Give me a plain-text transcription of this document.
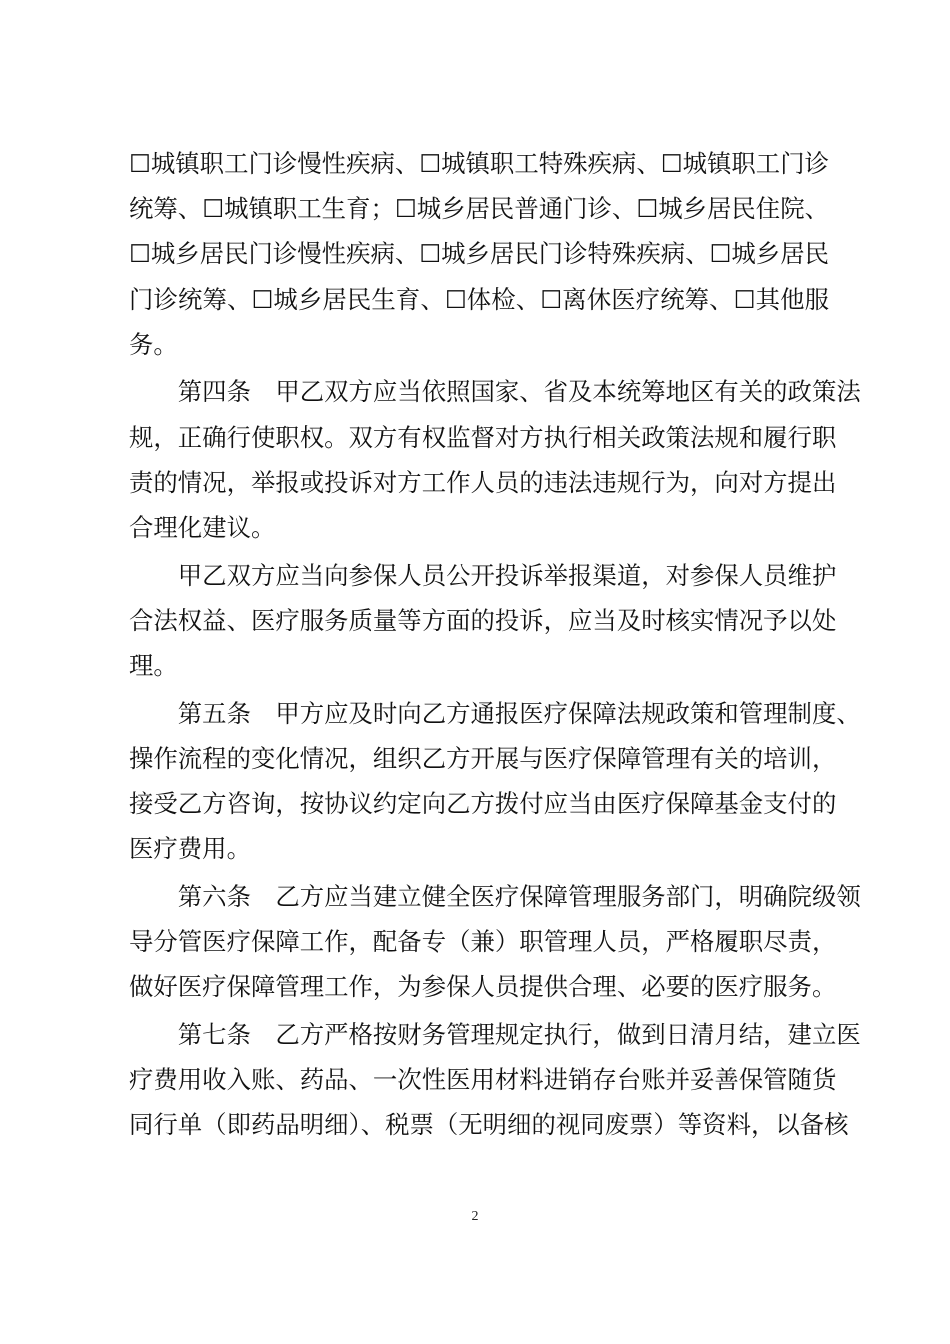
☐城镇职工门诊慢性疾病、☐城镇职工特殊疾病、☐城镇职工门诊
统筹、☐城镇职工生育；☐城乡居民普通门诊、☐城乡居民住院、
☐城乡居民门诊慢性疾病、☐城乡居民门诊特殊疾病、☐城乡居民
门诊统筹、☐城乡居民生育、☐体检、☐离休医疗统筹、☐其他服
务。
　　第四条　甲乙双方应当依照国家、省及本统筹地区有关的政策法
规，正确行使职权。双方有权监督对方执行相关政策法规和履行职
责的情况，举报或投诉对方工作人员的违法违规行为，向对方提出
合理化建议。
　　甲乙双方应当向参保人员公开投诉举报渠道，对参保人员维护
合法权益、医疗服务质量等方面的投诉，应当及时核实情况予以处
理。
　　第五条　甲方应及时向乙方通报医疗保障法规政策和管理制度、
操作流程的变化情况，组织乙方开展与医疗保障管理有关的培训，
接受乙方咨询，按协议约定向乙方拨付应当由医疗保障基金支付的
医疗费用。
　　第六条　乙方应当建立健全医疗保障管理服务部门，明确院级领
导分管医疗保障工作，配备专（兼）职管理人员，严格履职尽责，
做好医疗保障管理工作，为参保人员提供合理、必要的医疗服务。
　　第七条　乙方严格按财务管理规定执行，做到日清月结，建立医
疗费用收入账、药品、一次性医用材料进销存台账并妥善保管随货
同行单（即药品明细）、税票（无明细的视同废票）等资料，以备核
2
